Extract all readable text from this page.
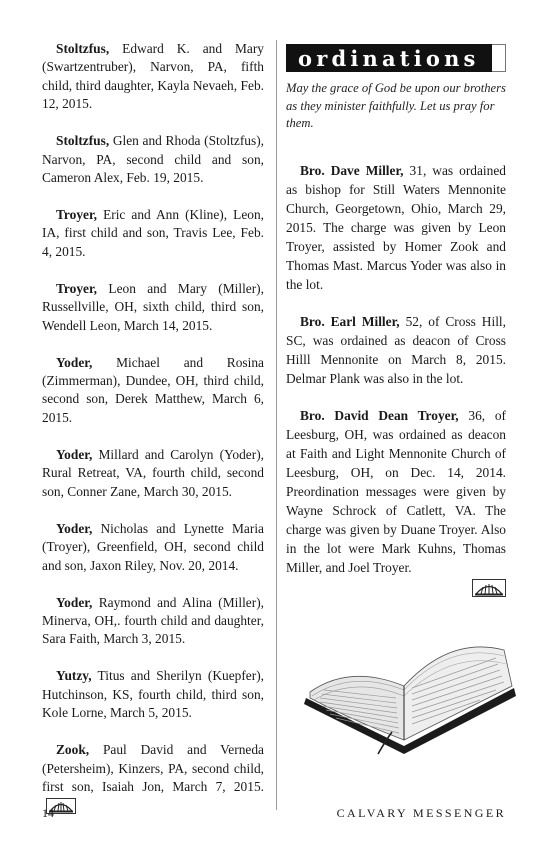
Stoltzfus, Edward K. and Mary (Swartzentruber), Narvon, PA, fifth child, third daughter, Kayla Nevaeh, Feb. 12, 2015.

Stoltzfus, Glen and Rhoda (Stoltzfus), Narvon, PA, second child and son, Cameron Alex, Feb. 19, 2015.

Troyer, Eric and Ann (Kline), Leon, IA, first child and son, Travis Lee, Feb. 4, 2015.

Troyer, Leon and Mary (Miller), Russellville, OH, sixth child, third son, Wendell Leon, March 14, 2015.

Yoder, Michael and Rosina (Zimmerman), Dundee, OH, third child, second son, Derek Matthew, March 6, 2015.

Yoder, Millard and Carolyn (Yoder), Rural Retreat, VA, fourth child, second son, Conner Zane, March 30, 2015.

Yoder, Nicholas and Lynette Maria (Troyer), Greenfield, OH, second child and son, Jaxon Riley, Nov. 20, 2014.

Yoder, Raymond and Alina (Miller), Minerva, OH,. fourth child and daughter, Sara Faith, March 3, 2015.

Yutzy, Titus and Sherilyn (Kuepfer), Hutchinson, KS, fourth child, third son, Kole Lorne, March 5, 2015.

Zook, Paul David and Verneda (Petersheim), Kinzers, PA, second child, first son, Isaiah Jon, March 7, 2015.

ordinations

May the grace of God be upon our brothers as they minister faithfully. Let us pray for them.

Bro. Dave Miller, 31, was ordained as bishop for Still Waters Mennonite Church, Georgetown, Ohio, March 29, 2015. The charge was given by Leon Troyer, assisted by Homer Zook and Thomas Mast. Marcus Yoder was also in the lot.

Bro. Earl Miller, 52, of Cross Hill, SC, was ordained as deacon of Cross Hilll Mennonite on March 8, 2015. Delmar Plank was also in the lot.

Bro. David Dean Troyer, 36, of Leesburg, OH, was ordained as deacon at Faith and Light Mennonite Church of Leesburg, OH, on Dec. 14, 2014. Preordination messages were given by Wayne Schrock of Catlett, VA. The charge was given by Duane Troyer. Also in the lot were Mark Kuhns, Thomas Miller, and Joel Troyer.

14	CALVARY MESSENGER
